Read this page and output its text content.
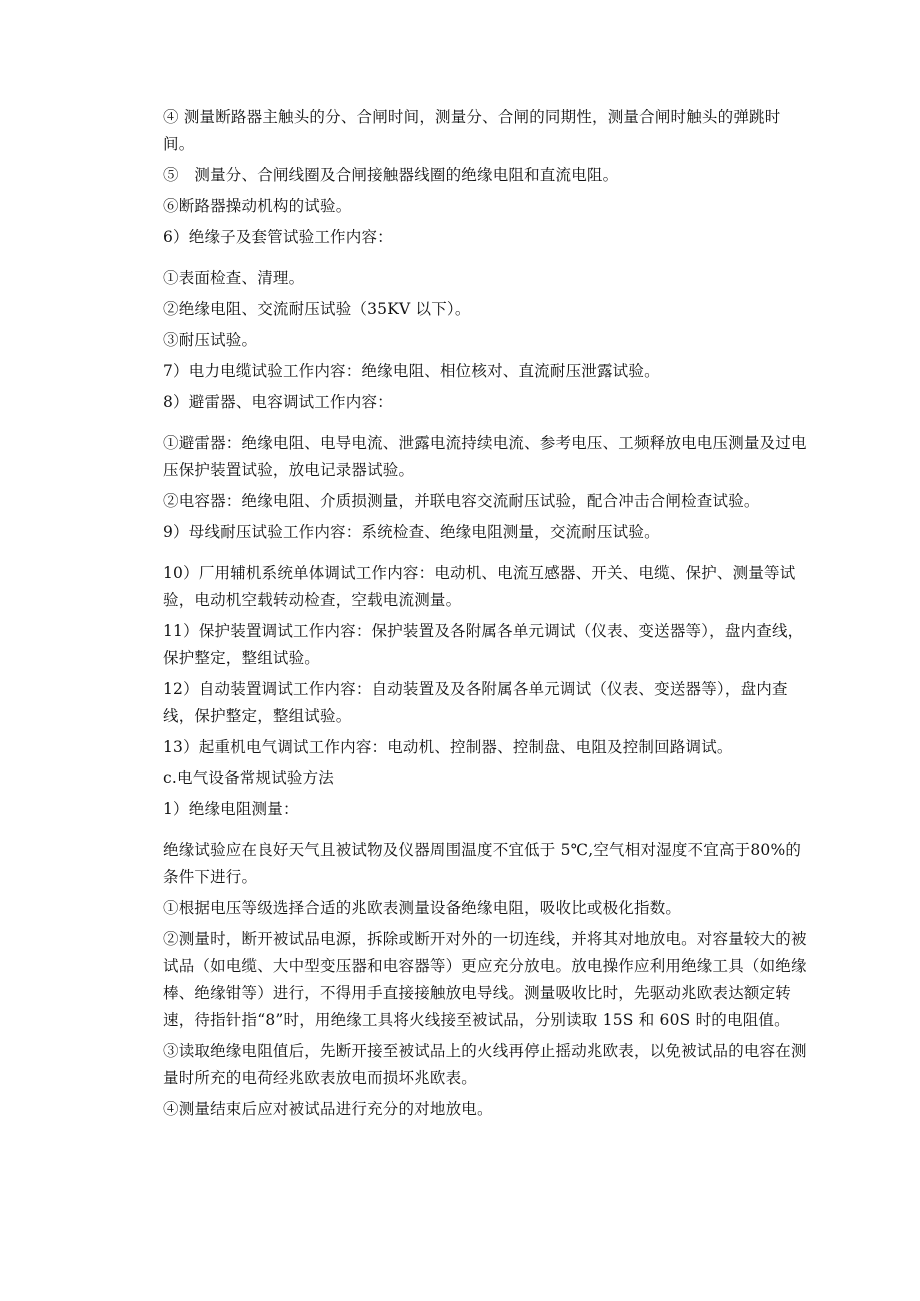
④ 测量断路器主触头的分、合闸时间，测量分、合闸的同期性，测量合闸时触头的弹跳时间。

⑤　测量分、合闸线圈及合闸接触器线圈的绝缘电阻和直流电阻。

⑥断路器操动机构的试验。

6）绝缘子及套管试验工作内容：

①表面检查、清理。

②绝缘电阻、交流耐压试验（35KV 以下）。

③耐压试验。

7）电力电缆试验工作内容：绝缘电阻、相位核对、直流耐压泄露试验。

8）避雷器、电容调试工作内容：

①避雷器：绝缘电阻、电导电流、泄露电流持续电流、参考电压、工频释放电电压测量及过电压保护装置试验，放电记录器试验。

②电容器：绝缘电阻、介质损测量，并联电容交流耐压试验，配合冲击合闸检查试验。

9）母线耐压试验工作内容：系统检查、绝缘电阻测量，交流耐压试验。

10）厂用辅机系统单体调试工作内容：电动机、电流互感器、开关、电缆、保护、测量等试验，电动机空载转动检查，空载电流测量。

11）保护装置调试工作内容：保护装置及各附属各单元调试（仪表、变送器等），盘内查线，保护整定，整组试验。

12）自动装置调试工作内容：自动装置及及各附属各单元调试（仪表、变送器等），盘内查线，保护整定，整组试验。

13）起重机电气调试工作内容：电动机、控制器、控制盘、电阻及控制回路调试。

c.电气设备常规试验方法

1）绝缘电阻测量：

绝缘试验应在良好天气且被试物及仪器周围温度不宜低于 5℃,空气相对湿度不宜高于80%的条件下进行。

①根据电压等级选择合适的兆欧表测量设备绝缘电阻，吸收比或极化指数。

②测量时，断开被试品电源，拆除或断开对外的一切连线，并将其对地放电。对容量较大的被试品（如电缆、大中型变压器和电容器等）更应充分放电。放电操作应利用绝缘工具（如绝缘棒、绝缘钳等）进行，不得用手直接接触放电导线。测量吸收比时，先驱动兆欧表达额定转速，待指针指“8”时，用绝缘工具将火线接至被试品，分别读取 15S 和 60S 时的电阻值。

③读取绝缘电阻值后，先断开接至被试品上的火线再停止摇动兆欧表，以免被试品的电容在测量时所充的电荷经兆欧表放电而损坏兆欧表。

④测量结束后应对被试品进行充分的对地放电。
